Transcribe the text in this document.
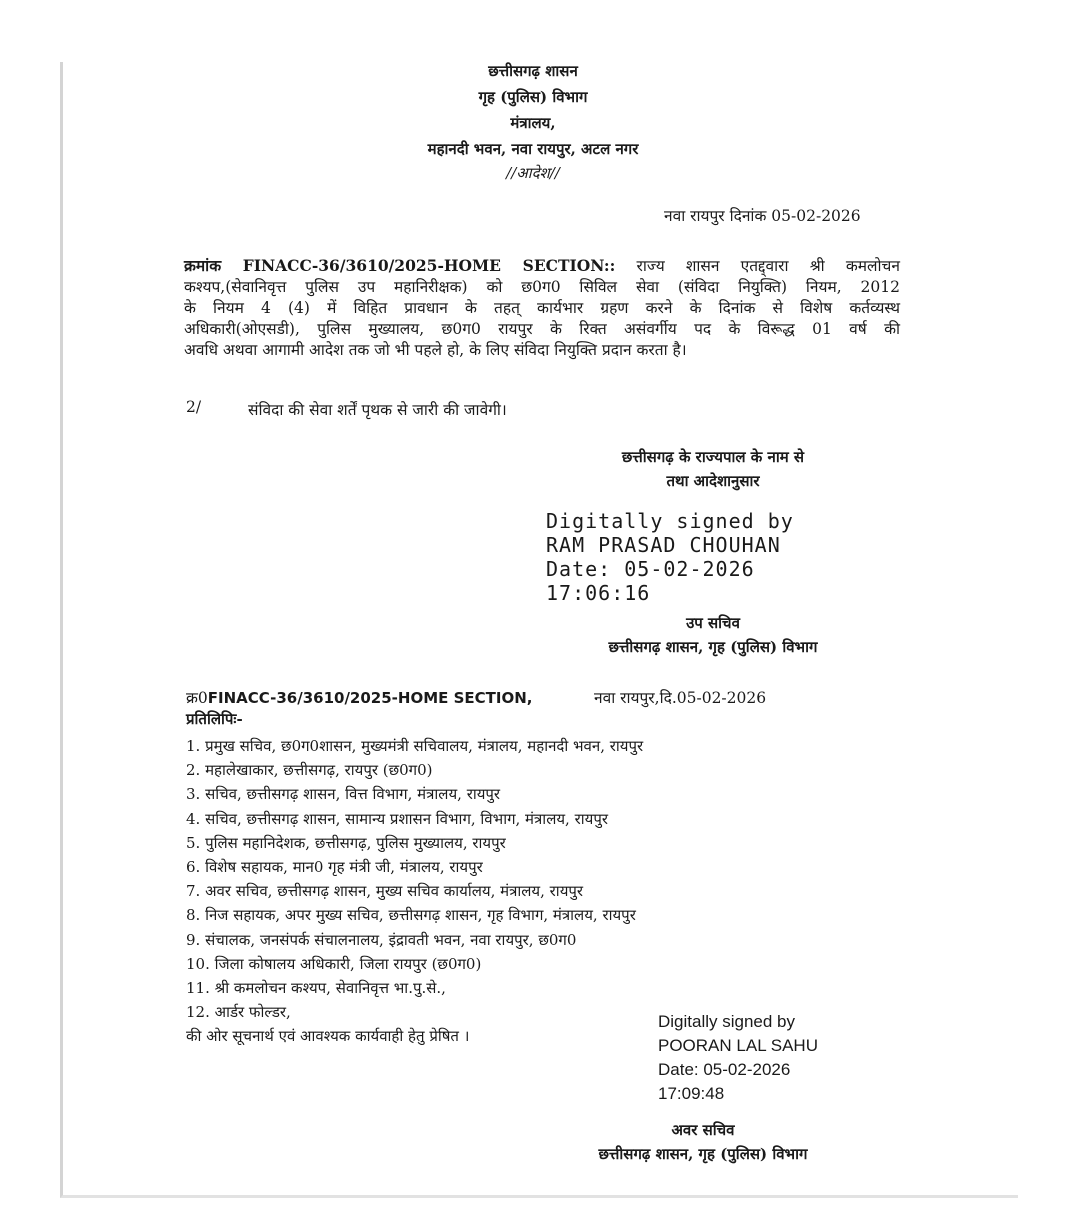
छत्तीसगढ़ शासन
गृह (पुलिस) विभाग
मंत्रालय,
महानदी भवन, नवा रायपुर, अटल नगर
//आदेश//
नवा रायपुर दिनांक 05-02-2026
क्रमांक FINACC-36/3610/2025-HOME SECTION:: राज्य शासन एतद्द्वारा श्री कमलोचन
कश्यप,(सेवानिवृत्त पुलिस उप महानिरीक्षक) को छ0ग0 सिविल सेवा (संविदा नियुक्ति) नियम, 2012
के नियम 4 (4) में विहित प्रावधान के तहत् कार्यभार ग्रहण करने के दिनांक से विशेष कर्तव्यस्थ
अधिकारी(ओएसडी), पुलिस मुख्यालय, छ0ग0 रायपुर के रिक्त असंवर्गीय पद के विरूद्ध 01 वर्ष की
अवधि अथवा आगामी आदेश तक जो भी पहले हो, के लिए संविदा नियुक्ति प्रदान करता है।
2/	संविदा की सेवा शर्तें पृथक से जारी की जावेगी।
छत्तीसगढ़ के राज्यपाल के नाम से
तथा आदेशानुसार
Digitally signed by
RAM PRASAD CHOUHAN
Date: 05-02-2026
17:06:16
उप सचिव
छत्तीसगढ़ शासन, गृह (पुलिस) विभाग
क्र0FINACC-36/3610/2025-HOME SECTION,	नवा रायपुर,दि.05-02-2026
प्रतिलिपिः-
1. प्रमुख सचिव, छ0ग0शासन, मुख्यमंत्री सचिवालय, मंत्रालय, महानदी भवन, रायपुर
2. महालेखाकार, छत्तीसगढ़, रायपुर (छ0ग0)
3. सचिव, छत्तीसगढ़ शासन, वित्त विभाग, मंत्रालय, रायपुर
4. सचिव, छत्तीसगढ़ शासन, सामान्य प्रशासन विभाग, विभाग, मंत्रालय, रायपुर
5. पुलिस महानिदेशक, छत्तीसगढ़, पुलिस मुख्यालय, रायपुर
6. विशेष सहायक, मान0 गृह मंत्री जी, मंत्रालय, रायपुर
7. अवर सचिव, छत्तीसगढ़ शासन, मुख्य सचिव कार्यालय, मंत्रालय, रायपुर
8. निज सहायक, अपर मुख्य सचिव, छत्तीसगढ़ शासन, गृह विभाग, मंत्रालय, रायपुर
9. संचालक, जनसंपर्क संचालनालय, इंद्रावती भवन, नवा रायपुर, छ0ग0
10. जिला कोषालय अधिकारी, जिला रायपुर (छ0ग0)
11. श्री कमलोचन कश्यप, सेवानिवृत्त भा.पु.से.,
12. आर्डर फोल्डर,
की ओर सूचनार्थ एवं आवश्यक कार्यवाही हेतु प्रेषित ।
Digitally signed by
POORAN LAL SAHU
Date: 05-02-2026
17:09:48
अवर सचिव
छत्तीसगढ़ शासन, गृह (पुलिस) विभाग
